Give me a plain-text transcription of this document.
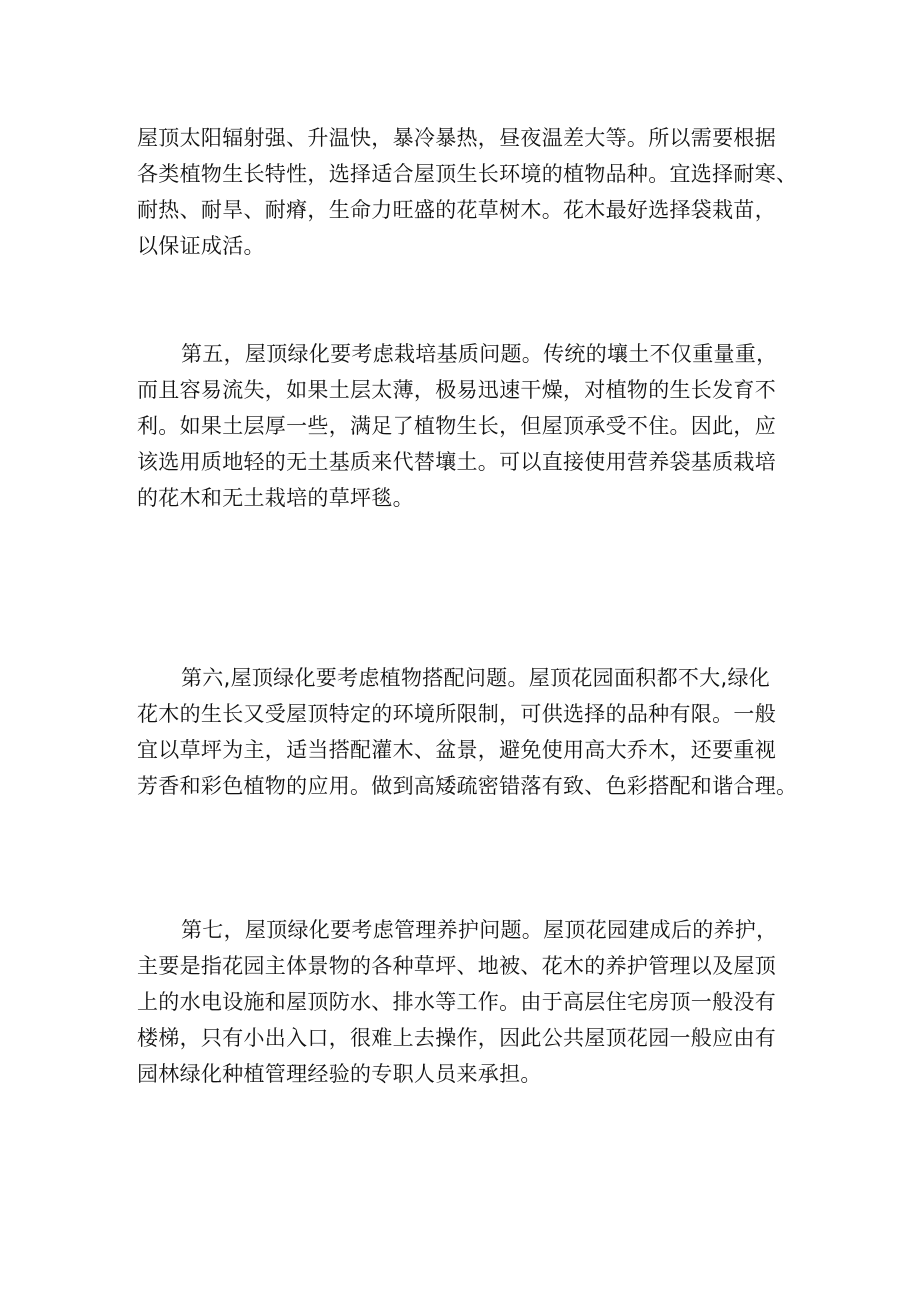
屋顶太阳辐射强、升温快，暴冷暴热，昼夜温差大等。所以需要根据
各类植物生长特性，选择适合屋顶生长环境的植物品种。宜选择耐寒、
耐热、耐旱、耐瘠，生命力旺盛的花草树木。花木最好选择袋栽苗，
以保证成活。

第五，屋顶绿化要考虑栽培基质问题。传统的壤土不仅重量重，
而且容易流失，如果土层太薄，极易迅速干燥，对植物的生长发育不
利。如果土层厚一些，满足了植物生长，但屋顶承受不住。因此，应
该选用质地轻的无土基质来代替壤土。可以直接使用营养袋基质栽培
的花木和无土栽培的草坪毯。

第六,屋顶绿化要考虑植物搭配问题。屋顶花园面积都不大,绿化
花木的生长又受屋顶特定的环境所限制，可供选择的品种有限。一般
宜以草坪为主，适当搭配灌木、盆景，避免使用高大乔木，还要重视
芳香和彩色植物的应用。做到高矮疏密错落有致、色彩搭配和谐合理。

第七，屋顶绿化要考虑管理养护问题。屋顶花园建成后的养护，
主要是指花园主体景物的各种草坪、地被、花木的养护管理以及屋顶
上的水电设施和屋顶防水、排水等工作。由于高层住宅房顶一般没有
楼梯，只有小出入口，很难上去操作，因此公共屋顶花园一般应由有
园林绿化种植管理经验的专职人员来承担。
